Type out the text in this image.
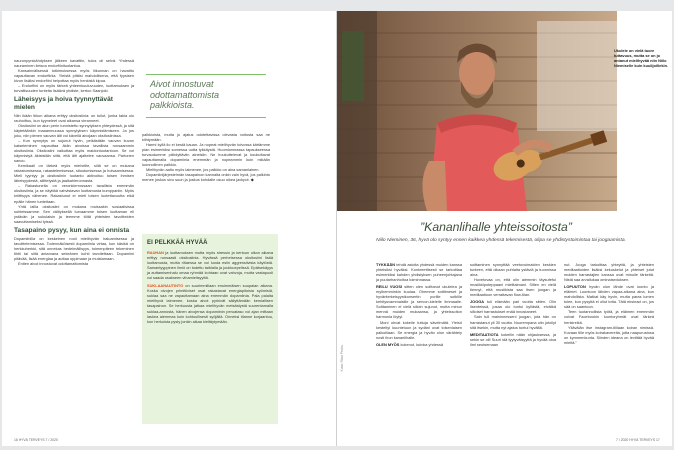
naurunpyrskähdyksen jälkeen kavattiin, tulos oli selvä. Yhdessä nauraminen lietsoo endorfiinituotantoa.

Kansainvälisessä tutkimuksessa myös liikunnan on havaittu vapauttavan endorfiinia. Yleistä pitäisi mahdollisena, että fyysisen kivun lisäksi endorfiini helpottaa myös henkistä kipua.

– Endorfiini on myös tärkeä yhteenkuuluvuuden, luottamuksen ja turvallisuuden tunteita lisäävä yhdiste, kertoo Saanjoki.

Läheisyys ja hoiva tyynnyttävät mielen

Niin ikään tiikun aikana erittyy oksitosiinia: on tullut, jonka takia olo rauhoittuu, kun kyyneleet ovat aikansa virranneet.

Oksitosiini on alun perin tunnistettu synnytyksen yhteydessä, ja sitä käytetäänkin maaanmuussa synnytyksen käynnistämiseen. Ja jos joku, niin pienen vauvan äiti voi kävellä aivojaan oksitosiinissa.

– Kun synnytys on sujunut hyvin, pelkästään vauvan kuvan katseleminen vapauttaa äidin aivoissa tavallista runsaammin oksitosiinia. Oksitosiini vaikuttaa myös maidontuotantoon. Se voi käynnistyä äkiststäin siitä, että äiti ajattelee vauvaansa. Partonen sanoo.

Kemikaali on tärkeä myös mieheille, sillä se on mukana rakastumisessa, rakastelemisessa, sitoutumisessa ja hoivaamisessa. Mieli tyyntyy ja oksitosiinin tuotanto aktivoituu toisen ihmisen läheisyydestä, silittelystä ja jaalkahieronnasta.

– Rakastunella on veronkierrossaan tavallista enemmän oksitosiinia, ja se näyttää vahvistavan luottamusta kumppaniin. Myös kriittisyys vähenee. Rakastunut ei mieti toisen luotettavuutta eikä epäile hänen tunteitaan.

Yhtä lailla oksitosiini on mukana muissakin sosiaalisissa suhteissamme. Sen välityksellä turvaamme toisen luottaman eli ystävän ja sukulaisin ja teemme töitä yhteisten tavoitteiden saavuttamiseksi tyissä.

Tasapaino pysyy, kun aina ei onnista

Dopamiinilla on keskeinen rooli mielihyvän haluamisessa ja tavoittelemisessa. Todennäköisesti dopamiinia virtaa, kun käsikä on herkkuherkki, sitä onnekas hedelmällisyys, toimenpiteen tekeminen tihtii tai siitä antamana sekeänen kohti tavoitettaan. Dopamiini pitävää, lisää energiaa ja auttaa oppimaan ja muistamaan.

Eniten aivot innostuvat odottamattomista

Aivot innostuvat odottamattomista palkkioista.

palkkioista, mutta jo ajatus odotettavissa olevasta voitosta saa ne kiihtymään.

Harmi kyllä ilo ei kestä kauan. Ja nopeat mielihyvän toivossa kärtämme pian esimerkiksi somessa uutta tykkäystä. Huomionmassa tapaukseessa turvaudumme pähdyttäviin aineisiin. Ne houkuttelevat ja koukuttavat vapauttamalla dopamiinia enemmän ja nopeammin kuin mikään luonnollinen palkkio.

Mielihyvän aalto myös laimenee, jos palkkio on aina samanlainen.

Dopamiinijärjestelmän tasapainon kannalta onkin vain hyvä, jos palkinto menee joskus sivu suun ja joskus kohdalle osuu oikea jackpot. ◆

EI PELKKÄÄ HYVÄÄ

RAUHAN ja luottamuksen mutta myös stressin ja kertoun ulkon aikana erittyy runsaasti oksitosiinia. Hyvässä perhetsessa oksitosiini lisää luottamusta, mutta riitaessa se voi luoda esiin aggressiivista käytöstä. Samantyyppinen ilmiö on todettu taiblalla ja joukkuepelissä. Epätsekäyys ja auttamisenhalu omaa ryhmää kohtaan ovat vahvoja, mutta vastapuoli voi saada osakseen vihamielisyyttä.

SUKLAANAUTINTO on suurimmillaan ensimmäisen suupalan aikana. Koska oivojen primitiiviset osat rakastavat energiapitoisia syömisiä, suklaa saa ne vapauttamaan aina enemmän dopamiinia. Pala palalta mielihyvä laimenee, koska aivot pyrkivät säilyttämään kemiallisen tasapainon. Se herkuusta jatkaa mielihyvän metsästystä suurentamalla suklaa-annosta, hänen aivojensa dopamiinin peruataso voi ajan mittaan laskea alemmas kuin kohtuullisesti syöjällä. Onneksi tilanne korjaantuu, kun herkuista pysty jonkin aikaa kieltäytymään.

16 HYVÄ TERVEYS 7 / 2020
Ukulele on vielä tuore tuttavuus, mutta se on jo antanut mielihyvää niin Niilo Niemiselle kuin kuulijoillekin.
Kuva: Riina Peuhu
”Kananlihalle yhteissoitosta”
Niilo Nieminen, 36, hyvä olo syntyy ennen kaikkea yhdessä tekemisestä, olipa se yhdistystoimintaa tai joogaamista.

TYKKÄÄN tehdä asioita yhdessä muiden kanssa yhteisiksi hyväksi. Konkreettisesti se tarkoittaa esimerkiksi kahden yhdistyksen puheenjohtajana ja puutarhanhoitoa toiminnassa.

REILU VUOSI sitten olen soittanut ukulelea ja mylhemminkin kuulaa. Ohemme soittimeset ja hyvänterkeisyystkonsertin porille sotkille kehitysvammaisille ja servon-kielelle ilmmaalle. Soittaminen ei vielä silloin sujunut, mutta minun mennä muiden mukaansa, ja yhteissoiton harmonia löytyi.

Moni ohvat kokeile tuttuja sävelmätä. Yleisö kesteltyi kuunteluun ja sydäni ovat toisenlaisen paikoillaan. Se energia ja hyvän olon värähtely nosti ihon kananlihalle.

OLEN MYÖS kokenut, kuinka yhdessä

soittaminen synnyttää veetovoimaiden keskien tunteen, että olkaan puhtaita ystäviä ja tuonnissa aina.

Huvetovaa on, että olin aiemmin täysufeful musiikkipoteppaani mielitaimani. Silten en vielä tiennyt, että musiikista saa itsen joogan ja meditaatioon verrattavan flow-tilan.

JOOGA tuli elämään pari vuotta sitten. Olin lisenteissä, josaa olo tuntui kyllästä, eivätkä silloiset harrastukset enää innostaneet.

Sain tuli maininnesseni joogan, jota hän on harrastanut yli 30 vuotta. Nuorempana olin jotollyt sitä itsekin, mutta nyt ajatus tuntui hyvältä.

MEDITAATIOTA kokeilin nään ohjauksessa, ja sekin se oli! Suuri idä tyytyväisyyttä ja hyvää oloa ilmi seutsemaan

nut. Jooga tarkoittaa yhteyttä, ja yhteisten meditaatioiden lisäksi kekuskelut ja yhteiset jutut muiden harrastajien kanssa ovat minulle tärkeitä. Nistä saa arvallukaa ominaiseduksen.

LOPUUTON hyvän olon lähde ovat luonto ja eläimet. Luontoon lähden vapaa-aikana aina, kun mahdollista. Matkat käy hyvin, mutta paras lumen tulee, kun pysyttä ei ollut totta. Tätä eksinaci on, jos sää on saantoon.

Teen tuotannollista työtä, ja eläimen enemmän voivat Facebookin luontoryhmät ovat tärkeä henkireikä.

Yllävälän itse Instagram-tililaan koiran nimissä. Kuvaan tille myös koirakavereita, jotta naapurustosa on kymmenkunta. Siinden ideana on levittää hyvää mieltä.”

7 / 2020 HYVÄ TERVEYS 17
